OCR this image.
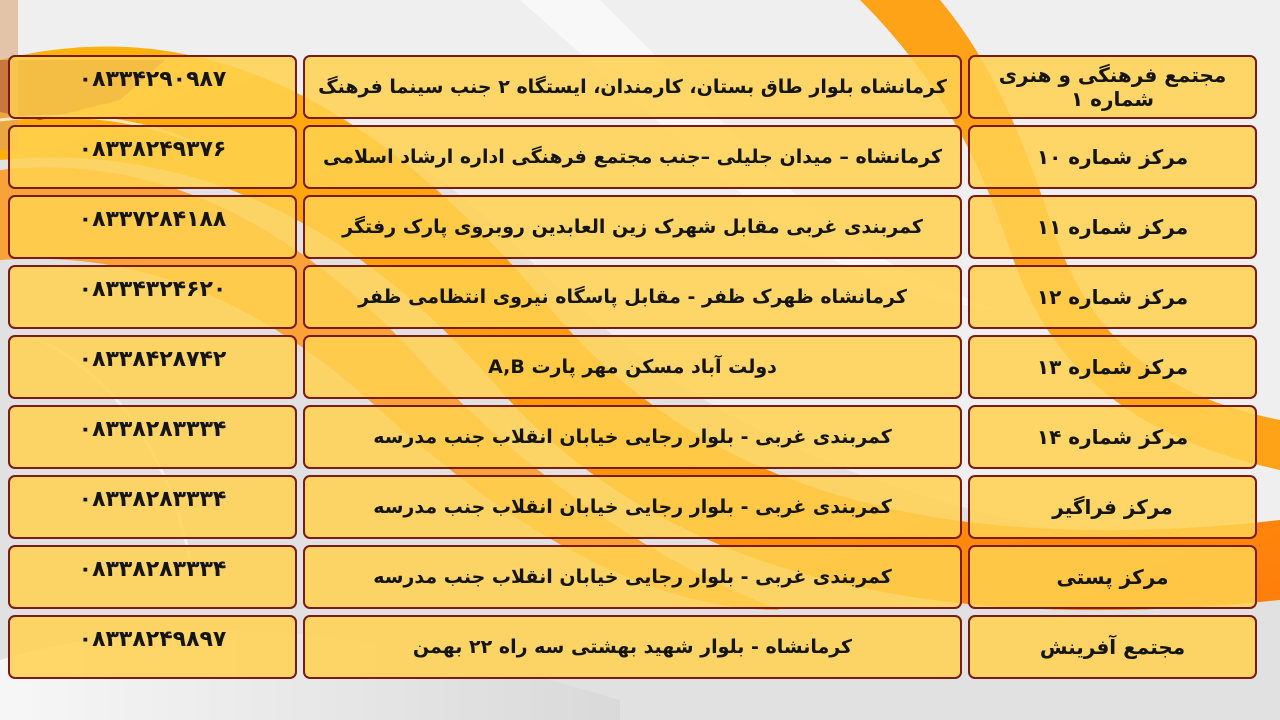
۰۸۳۳۴۲۹۰۹۸۷	کرمانشاه بلوار طاق بستان، کارمندان، ایستگاه ۲ جنب سینما فرهنگ	مجتمع فرهنگی و هنری شماره ۱
۰۸۳۳۸۲۴۹۳۷۶	کرمانشاه – میدان جلیلی –جنب مجتمع فرهنگی اداره ارشاد اسلامی	مرکز شماره ۱۰
۰۸۳۳۷۲۸۴۱۸۸	کمربندی غربی مقابل شهرک زین العابدین روبروی پارک رفتگر	مرکز شماره ۱۱
۰۸۳۳۴۳۲۴۶۲۰	کرمانشاه ظهرک ظفر - مقابل پاسگاه نیروی انتظامی ظفر	مرکز شماره ۱۲
۰۸۳۳۸۴۲۸۷۴۲	دولت آباد مسکن مهر پارت A,B	مرکز شماره ۱۳
۰۸۳۳۸۲۸۳۳۳۴	کمربندی غربی - بلوار رجایی خیابان انقلاب جنب مدرسه	مرکز شماره ۱۴
۰۸۳۳۸۲۸۳۳۳۴	کمربندی غربی - بلوار رجایی خیابان انقلاب جنب مدرسه	مرکز فراگیر
۰۸۳۳۸۲۸۳۳۳۴	کمربندی غربی - بلوار رجایی خیابان انقلاب جنب مدرسه	مرکز پستی
۰۸۳۳۸۲۴۹۸۹۷	کرمانشاه - بلوار شهید بهشتی سه راه ۲۲ بهمن	مجتمع آفرینش
